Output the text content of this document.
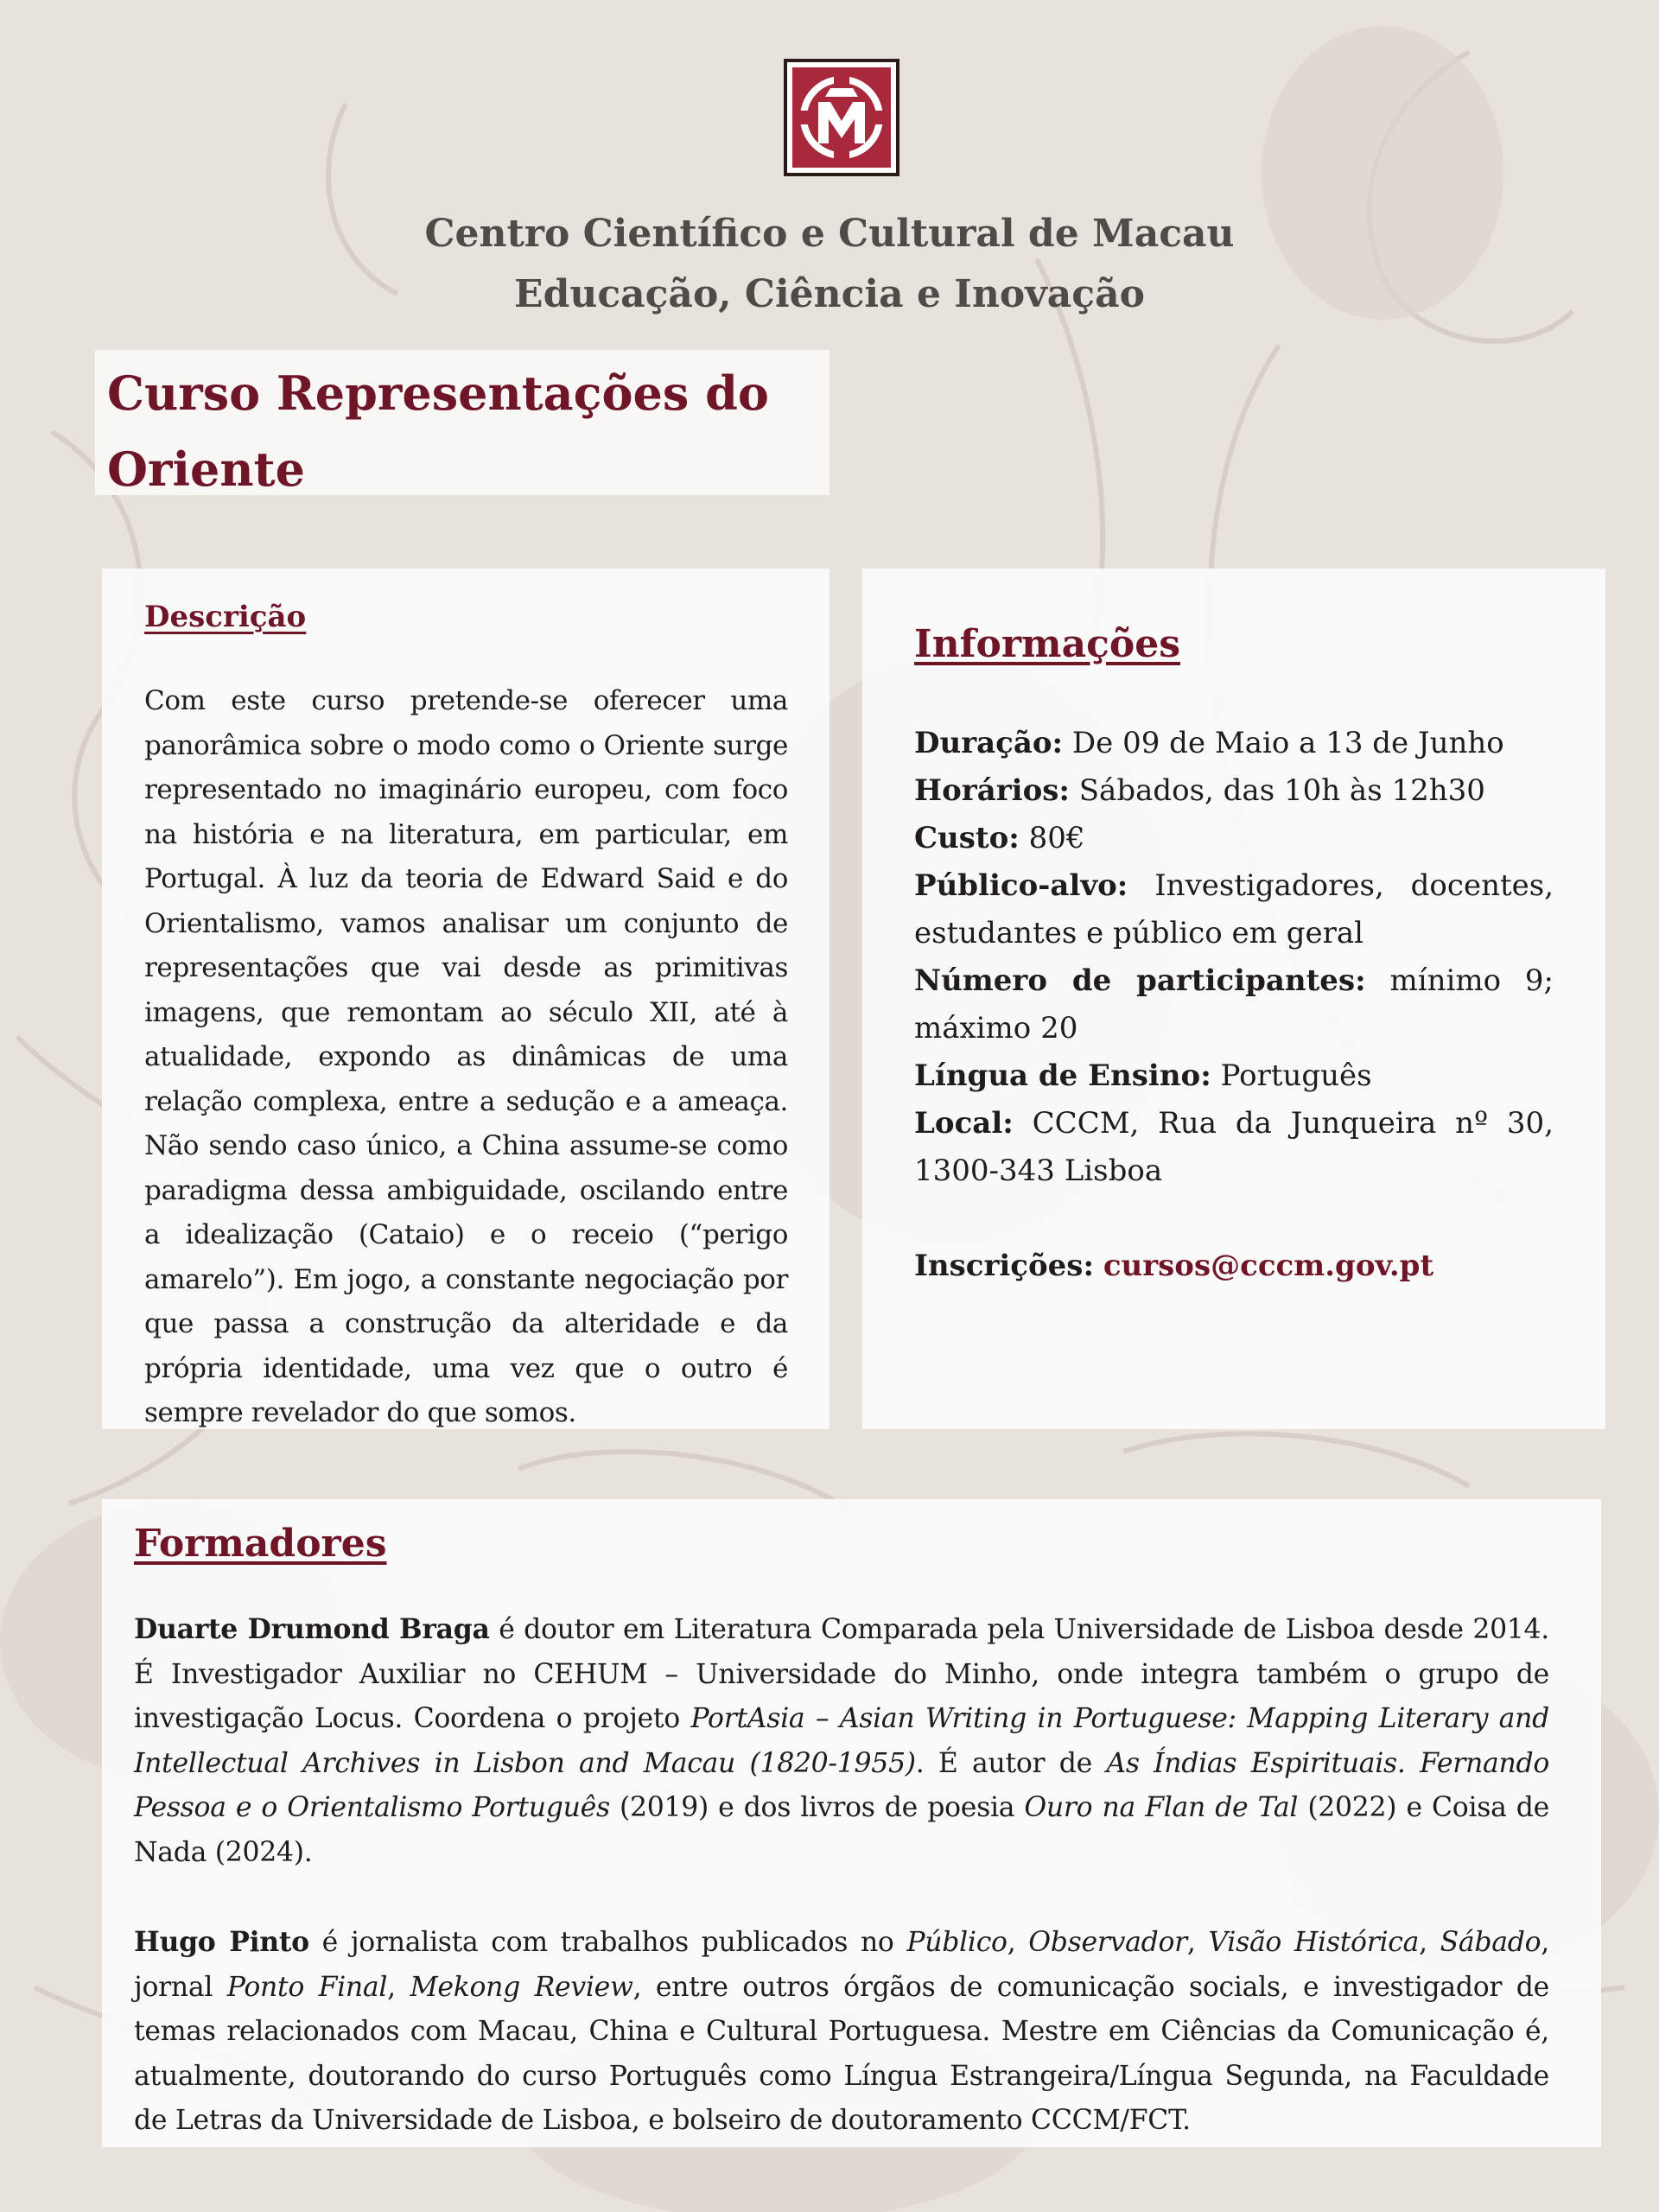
Centro Científico e Cultural de Macau
Educação, Ciência e Inovação
Curso Representações do Oriente
Descrição

Com este curso pretende-se oferecer uma panorâmica sobre o modo como o Oriente surge representado no imaginário europeu, com foco na história e na literatura, em particular, em Portugal. À luz da teoria de Edward Said e do Orientalismo, vamos analisar um conjunto de representações que vai desde as primitivas imagens, que remontam ao século XII, até à atualidade, expondo as dinâmicas de uma relação complexa, entre a sedução e a ameaça. Não sendo caso único, a China assume-se como paradigma dessa ambiguidade, oscilando entre a idealização (Cataio) e o receio (“perigo amarelo”). Em jogo, a constante negociação por que passa a construção da alteridade e da própria identidade, uma vez que o outro é sempre revelador do que somos.

Informações
Duração: De 09 de Maio a 13 de Junho
Horários: Sábados, das 10h às 12h30
Custo: 80€
Público-alvo: Investigadores, docentes, estudantes e público em geral
Número de participantes: mínimo 9; máximo 20
Língua de Ensino: Português
Local: CCCM, Rua da Junqueira nº 30, 1300-343 Lisboa
Inscrições: cursos@cccm.gov.pt
Formadores

Duarte Drumond Braga é doutor em Literatura Comparada pela Universidade de Lisboa desde 2014. É Investigador Auxiliar no CEHUM – Universidade do Minho, onde integra também o grupo de investigação Locus. Coordena o projeto PortAsia – Asian Writing in Portuguese: Mapping Literary and Intellectual Archives in Lisbon and Macau (1820-1955). É autor de As Índias Espirituais. Fernando Pessoa e o Orientalismo Português (2019) e dos livros de poesia Ouro na Flan de Tal (2022) e Coisa de Nada (2024).

Hugo Pinto é jornalista com trabalhos publicados no Público, Observador, Visão Histórica, Sábado, jornal Ponto Final, Mekong Review, entre outros órgãos de comunicação socials, e investigador de temas relacionados com Macau, China e Cultural Portuguesa. Mestre em Ciências da Comunicação é, atualmente, doutorando do curso Português como Língua Estrangeira/Língua Segunda, na Faculdade de Letras da Universidade de Lisboa, e bolseiro de doutoramento CCCM/FCT.
